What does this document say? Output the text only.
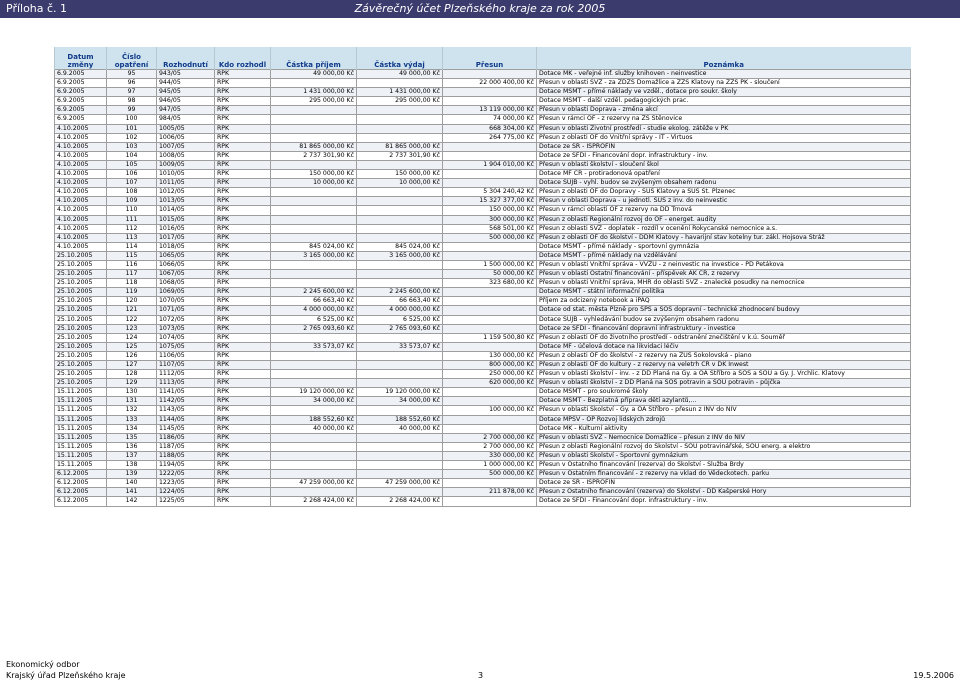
Příloha č. 1	Závěrečný účet Plzeňského kraje za rok 2005
Datum změny	Číslo opatření	Rozhodnutí	Kdo rozhodl	Částka příjem	Částka výdaj	Přesun	Poznámka
6.9.2005	95	943/05	RPK	49 000,00 Kč	49 000,00 Kč		Dotace MK - veřejné inf. služby knihoven - neinvestice
6.9.2005	96	944/05	RPK			22 000 400,00 Kč	Přesun v oblasti SVZ - za ZDZS Domažlice a ZZS Klatovy na ZZS PK - sloučení
6.9.2005	97	945/05	RPK	1 431 000,00 Kč	1 431 000,00 Kč		Dotace MŠMT - přímé náklady ve vzděl., dotace pro soukr. školy
6.9.2005	98	946/05	RPK	295 000,00 Kč	295 000,00 Kč		Dotace MŠMT - další vzděl. pedagogických prac.
6.9.2005	99	947/05	RPK			13 119 000,00 Kč	Přesun v oblasti Doprava - změna akcí
6.9.2005	100	984/05	RPK			74 000,00 Kč	Přesun v rámci OF - z rezervy na ZŠ Štěnovice
4.10.2005	101	1005/05	RPK			668 304,00 Kč	Přesun v oblasti Životní prostředí - studie ekolog. zátěže v PK
4.10.2005	102	1006/05	RPK			264 775,00 Kč	Přesun z oblasti OF do Vnitřní správy - IT - Virtuos
4.10.2005	103	1007/05	RPK	81 865 000,00 Kč	81 865 000,00 Kč		Dotace ze SR - ISPROFIN
4.10.2005	104	1008/05	RPK	2 737 301,90 Kč	2 737 301,90 Kč		Dotace ze SFDI - Financování dopr. infrastruktury - inv.
4.10.2005	105	1009/05	RPK			1 904 010,00 Kč	Přesun v oblasti školství - sloučení škol
4.10.2005	106	1010/05	RPK	150 000,00 Kč	150 000,00 Kč		Dotace MF ČR - protiradonová opatření
4.10.2005	107	1011/05	RPK	10 000,00 Kč	10 000,00 Kč		Dotace SÚJB - vyhl. budov se zvýšeným obsahem radonu
4.10.2005	108	1012/05	RPK			5 304 240,42 Kč	Přesun z oblasti OF do Dopravy - SÚS Klatovy a SÚS St. Plzenec
4.10.2005	109	1013/05	RPK			15 327 377,00 Kč	Přesun v oblasti Doprava - u jednotl. SÚS z inv. do neinvestic
4.10.2005	110	1014/05	RPK			150 000,00 Kč	Přesun v rámci oblasti OF z rezervy na DD Trnová
4.10.2005	111	1015/05	RPK			300 000,00 Kč	Přesun z oblasti Regionální rozvoj do OF - energet. audity
4.10.2005	112	1016/05	RPK			568 501,00 Kč	Přesun z oblasti SVZ - doplatek - rozdíl v ocenění Rokycanské nemocnice a.s.
4.10.2005	113	1017/05	RPK			500 000,00 Kč	Přesun z oblasti OF do školství - DDM Klatovy - havarijní stav kotelny tur. zákl. Hojsova Stráž
4.10.2005	114	1018/05	RPK	845 024,00 Kč	845 024,00 Kč		Dotace MŠMT - přímé náklady - sportovní gymnázia
25.10.2005	115	1065/05	RPK	3 165 000,00 Kč	3 165 000,00 Kč		Dotace MŠMT - přímé náklady na vzdělávání
25.10.2005	116	1066/05	RPK			1 500 000,00 Kč	Přesun v oblasti Vnitřní správa - VVZÚ - z neinvestic na investice - PD Petákova
25.10.2005	117	1067/05	RPK			50 000,00 Kč	Přesun v oblasti Ostatní financování - příspěvek AK ČR, z rezervy
25.10.2005	118	1068/05	RPK			323 680,00 Kč	Přesun v oblasti Vnitřní správa, MHR do oblasti SVZ - znalecké posudky na nemocnice
25.10.2005	119	1069/05	RPK	2 245 600,00 Kč	2 245 600,00 Kč		Dotace MŠMT - státní informační politika
25.10.2005	120	1070/05	RPK	66 663,40 Kč	66 663,40 Kč		Příjem za odcizený notebook a iPAQ
25.10.2005	121	1071/05	RPK	4 000 000,00 Kč	4 000 000,00 Kč		Dotace od stat. města Plzně pro SPŠ a SOŠ dopravní - technické zhodnocení budovy
25.10.2005	122	1072/05	RPK	6 525,00 Kč	6 525,00 Kč		Dotace SÚJB - vyhledávání budov se zvýšeným obsahem radonu
25.10.2005	123	1073/05	RPK	2 765 093,60 Kč	2 765 093,60 Kč		Dotace ze SFDI - financování dopravní infrastruktury - investice
25.10.2005	124	1074/05	RPK			1 159 500,80 Kč	Přesun z oblasti OF do životního prostředí - odstranění znečištění v k.ú. Souměř
25.10.2005	125	1075/05	RPK	33 573,07 Kč	33 573,07 Kč		Dotace MF - účelová dotace na likvidaci léčiv
25.10.2005	126	1106/05	RPK			130 000,00 Kč	Přesun z oblasti OF do školství - z rezervy na ZUŠ Sokolovská - piano
25.10.2005	127	1107/05	RPK			800 000,00 Kč	Přesun z oblasti OF do kultury - z rezervy na veletrh CR v DK Inwest
25.10.2005	128	1112/05	RPK			250 000,00 Kč	Přesun v oblasti školství - inv. - z DD Planá na Gy. a OA Stříbro a SOŠ a SOU a Gy. J. Vrchlic. Klatovy
25.10.2005	129	1113/05	RPK			620 000,00 Kč	Přesun v oblasti školství - z DD Planá na SOŠ potravin a SOU potravin - půjčka
15.11.2005	130	1141/05	RPK	19 120 000,00 Kč	19 120 000,00 Kč		Dotace MŠMT - pro soukromé školy
15.11.2005	131	1142/05	RPK	34 000,00 Kč	34 000,00 Kč		Dotace MŠMT - Bezplatná příprava dětí azylantů,...
15.11.2005	132	1143/05	RPK			100 000,00 Kč	Přesun v oblasti Školství - Gy. a OA Stříbro - přesun z INV do NIV
15.11.2005	133	1144/05	RPK	188 552,60 Kč	188 552,60 Kč		Dotace MPSV - OP Rozvoj lidských zdrojů
15.11.2005	134	1145/05	RPK	40 000,00 Kč	40 000,00 Kč		Dotace MK - Kulturní aktivity
15.11.2005	135	1186/05	RPK			2 700 000,00 Kč	Přesun v oblasti SVZ - Nemocnice Domažlice - přesun z INV do NIV
15.11.2005	136	1187/05	RPK			2 700 000,00 Kč	Přesun z oblasti Regionální rozvoj do Školství - SOU potravinářské, SOU energ. a elektro
15.11.2005	137	1188/05	RPK			330 000,00 Kč	Přesun v oblasti Školství - Sportovní gymnázium
15.11.2005	138	1194/05	RPK			1 000 000,00 Kč	Přesun v Ostatního financování (rezerva) do Školství - Služba Brdy
6.12.2005	139	1222/05	RPK			500 000,00 Kč	Přesun v Ostatním financování - z rezervy na vklad do Vědeckotech. parku
6.12.2005	140	1223/05	RPK	47 259 000,00 Kč	47 259 000,00 Kč		Dotace ze SR - ISPROFIN
6.12.2005	141	1224/05	RPK			211 878,00 Kč	Přesun z Ostatního financování (rezerva) do Školství - DD Kašperské Hory
6.12.2005	142	1225/05	RPK	2 268 424,00 Kč	2 268 424,00 Kč		Dotace ze SFDI - Financování dopr. infrastruktury - inv.
Ekonomický odbor
Krajský úřad Plzeňského kraje	3	19.5.2006
